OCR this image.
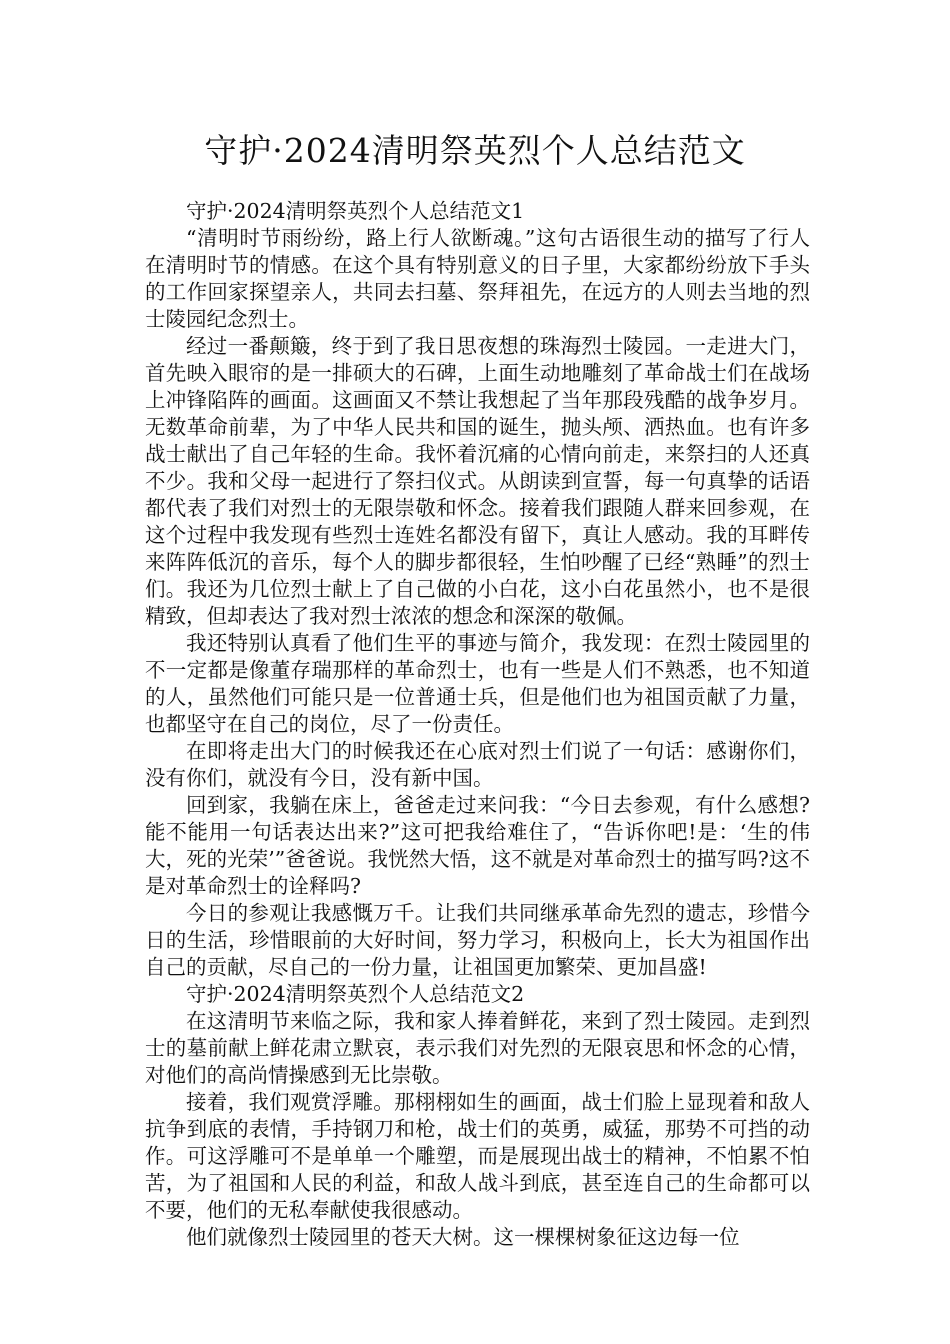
守护·2024清明祭英烈个人总结范文

守护·2024清明祭英烈个人总结范文1

“清明时节雨纷纷，路上行人欲断魂。”这句古语很生动的描写了行人在清明时节的情感。在这个具有特别意义的日子里，大家都纷纷放下手头的工作回家探望亲人，共同去扫墓、祭拜祖先，在远方的人则去当地的烈士陵园纪念烈士。

经过一番颠簸，终于到了我日思夜想的珠海烈士陵园。一走进大门，首先映入眼帘的是一排硕大的石碑，上面生动地雕刻了革命战士们在战场上冲锋陷阵的画面。这画面又不禁让我想起了当年那段残酷的战争岁月。无数革命前辈，为了中华人民共和国的诞生，抛头颅、洒热血。也有许多战士献出了自己年轻的生命。我怀着沉痛的心情向前走，来祭扫的人还真不少。我和父母一起进行了祭扫仪式。从朗读到宣誓，每一句真挚的话语都代表了我们对烈士的无限崇敬和怀念。接着我们跟随人群来回参观，在这个过程中我发现有些烈士连姓名都没有留下，真让人感动。我的耳畔传来阵阵低沉的音乐，每个人的脚步都很轻，生怕吵醒了已经“熟睡”的烈士们。我还为几位烈士献上了自己做的小白花，这小白花虽然小，也不是很精致，但却表达了我对烈士浓浓的想念和深深的敬佩。

我还特别认真看了他们生平的事迹与简介，我发现：在烈士陵园里的不一定都是像董存瑞那样的革命烈士，也有一些是人们不熟悉，也不知道的人，虽然他们可能只是一位普通士兵，但是他们也为祖国贡献了力量，也都坚守在自己的岗位，尽了一份责任。

在即将走出大门的时候我还在心底对烈士们说了一句话：感谢你们，没有你们，就没有今日，没有新中国。

回到家，我躺在床上，爸爸走过来问我：“今日去参观，有什么感想?能不能用一句话表达出来?”这可把我给难住了，“告诉你吧!是：‘生的伟大，死的光荣’”爸爸说。我恍然大悟，这不就是对革命烈士的描写吗?这不是对革命烈士的诠释吗?

今日的参观让我感慨万千。让我们共同继承革命先烈的遗志，珍惜今日的生活，珍惜眼前的大好时间，努力学习，积极向上，长大为祖国作出自己的贡献，尽自己的一份力量，让祖国更加繁荣、更加昌盛!

守护·2024清明祭英烈个人总结范文2

在这清明节来临之际，我和家人捧着鲜花，来到了烈士陵园。走到烈士的墓前献上鲜花肃立默哀，表示我们对先烈的无限哀思和怀念的心情，对他们的高尚情操感到无比崇敬。

接着，我们观赏浮雕。那栩栩如生的画面，战士们脸上显现着和敌人抗争到底的表情，手持钢刀和枪，战士们的英勇，威猛，那势不可挡的动作。可这浮雕可不是单单一个雕塑，而是展现出战士的精神，不怕累不怕苦，为了祖国和人民的利益，和敌人战斗到底，甚至连自己的生命都可以不要，他们的无私奉献使我很感动。

他们就像烈士陵园里的苍天大树。这一棵棵树象征这边每一位
